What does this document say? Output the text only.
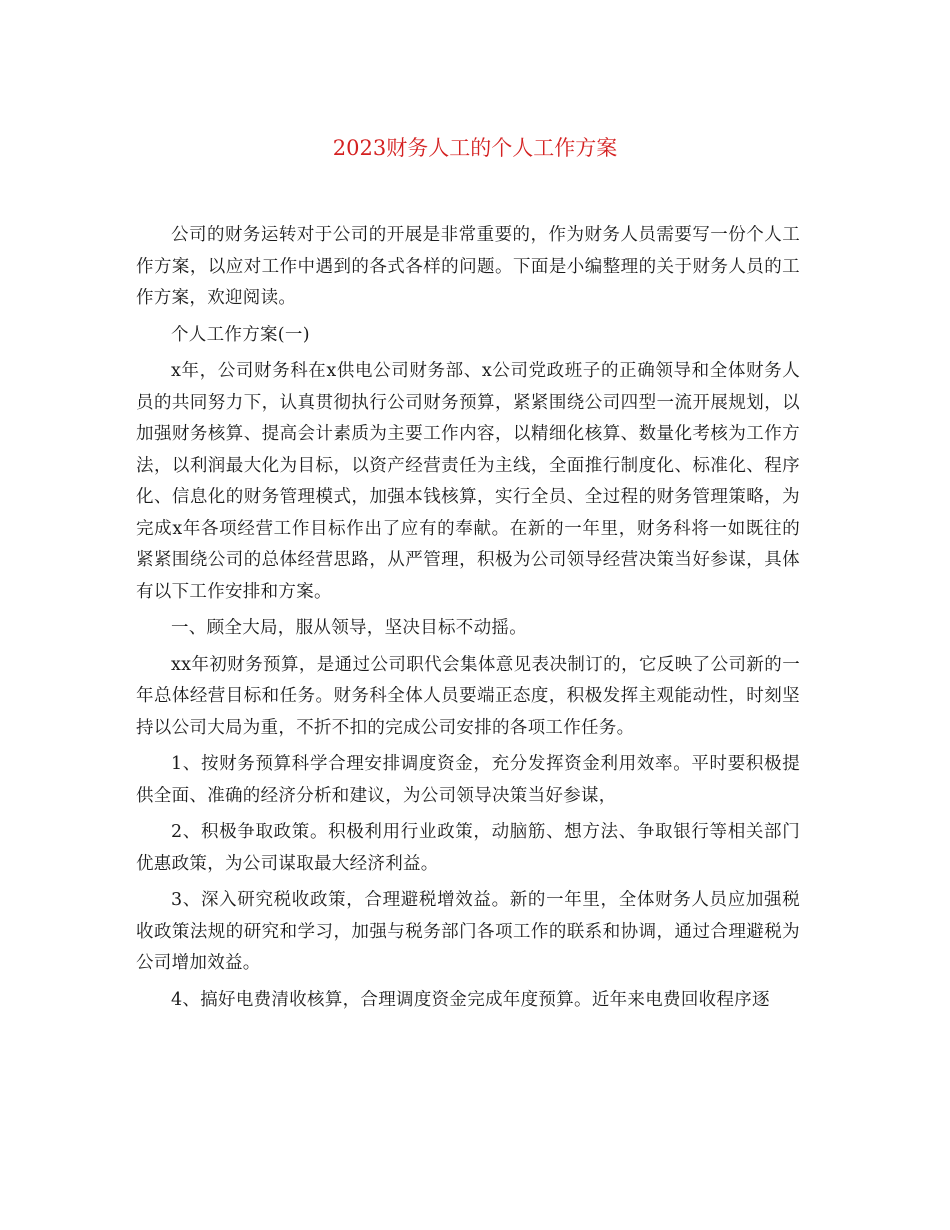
2023财务人工的个人工作方案

公司的财务运转对于公司的开展是非常重要的，作为财务人员需要写一份个人工作方案，以应对工作中遇到的各式各样的问题。下面是小编整理的关于财务人员的工作方案，欢迎阅读。

个人工作方案(一)

x年，公司财务科在x供电公司财务部、x公司党政班子的正确领导和全体财务人员的共同努力下，认真贯彻执行公司财务预算，紧紧围绕公司四型一流开展规划，以加强财务核算、提高会计素质为主要工作内容，以精细化核算、数量化考核为工作方法，以利润最大化为目标，以资产经营责任为主线，全面推行制度化、标准化、程序化、信息化的财务管理模式，加强本钱核算，实行全员、全过程的财务管理策略，为完成x年各项经营工作目标作出了应有的奉献。在新的一年里，财务科将一如既往的紧紧围绕公司的总体经营思路，从严管理，积极为公司领导经营决策当好参谋，具体有以下工作安排和方案。

一、顾全大局，服从领导，坚决目标不动摇。

xx年初财务预算，是通过公司职代会集体意见表决制订的，它反映了公司新的一年总体经营目标和任务。财务科全体人员要端正态度，积极发挥主观能动性，时刻坚持以公司大局为重，不折不扣的完成公司安排的各项工作任务。

1、按财务预算科学合理安排调度资金，充分发挥资金利用效率。平时要积极提供全面、准确的经济分析和建议，为公司领导决策当好参谋，

2、积极争取政策。积极利用行业政策，动脑筋、想方法、争取银行等相关部门优惠政策，为公司谋取最大经济利益。

3、深入研究税收政策，合理避税增效益。新的一年里，全体财务人员应加强税收政策法规的研究和学习，加强与税务部门各项工作的联系和协调，通过合理避税为公司增加效益。

4、搞好电费清收核算，合理调度资金完成年度预算。近年来电费回收程序逐
